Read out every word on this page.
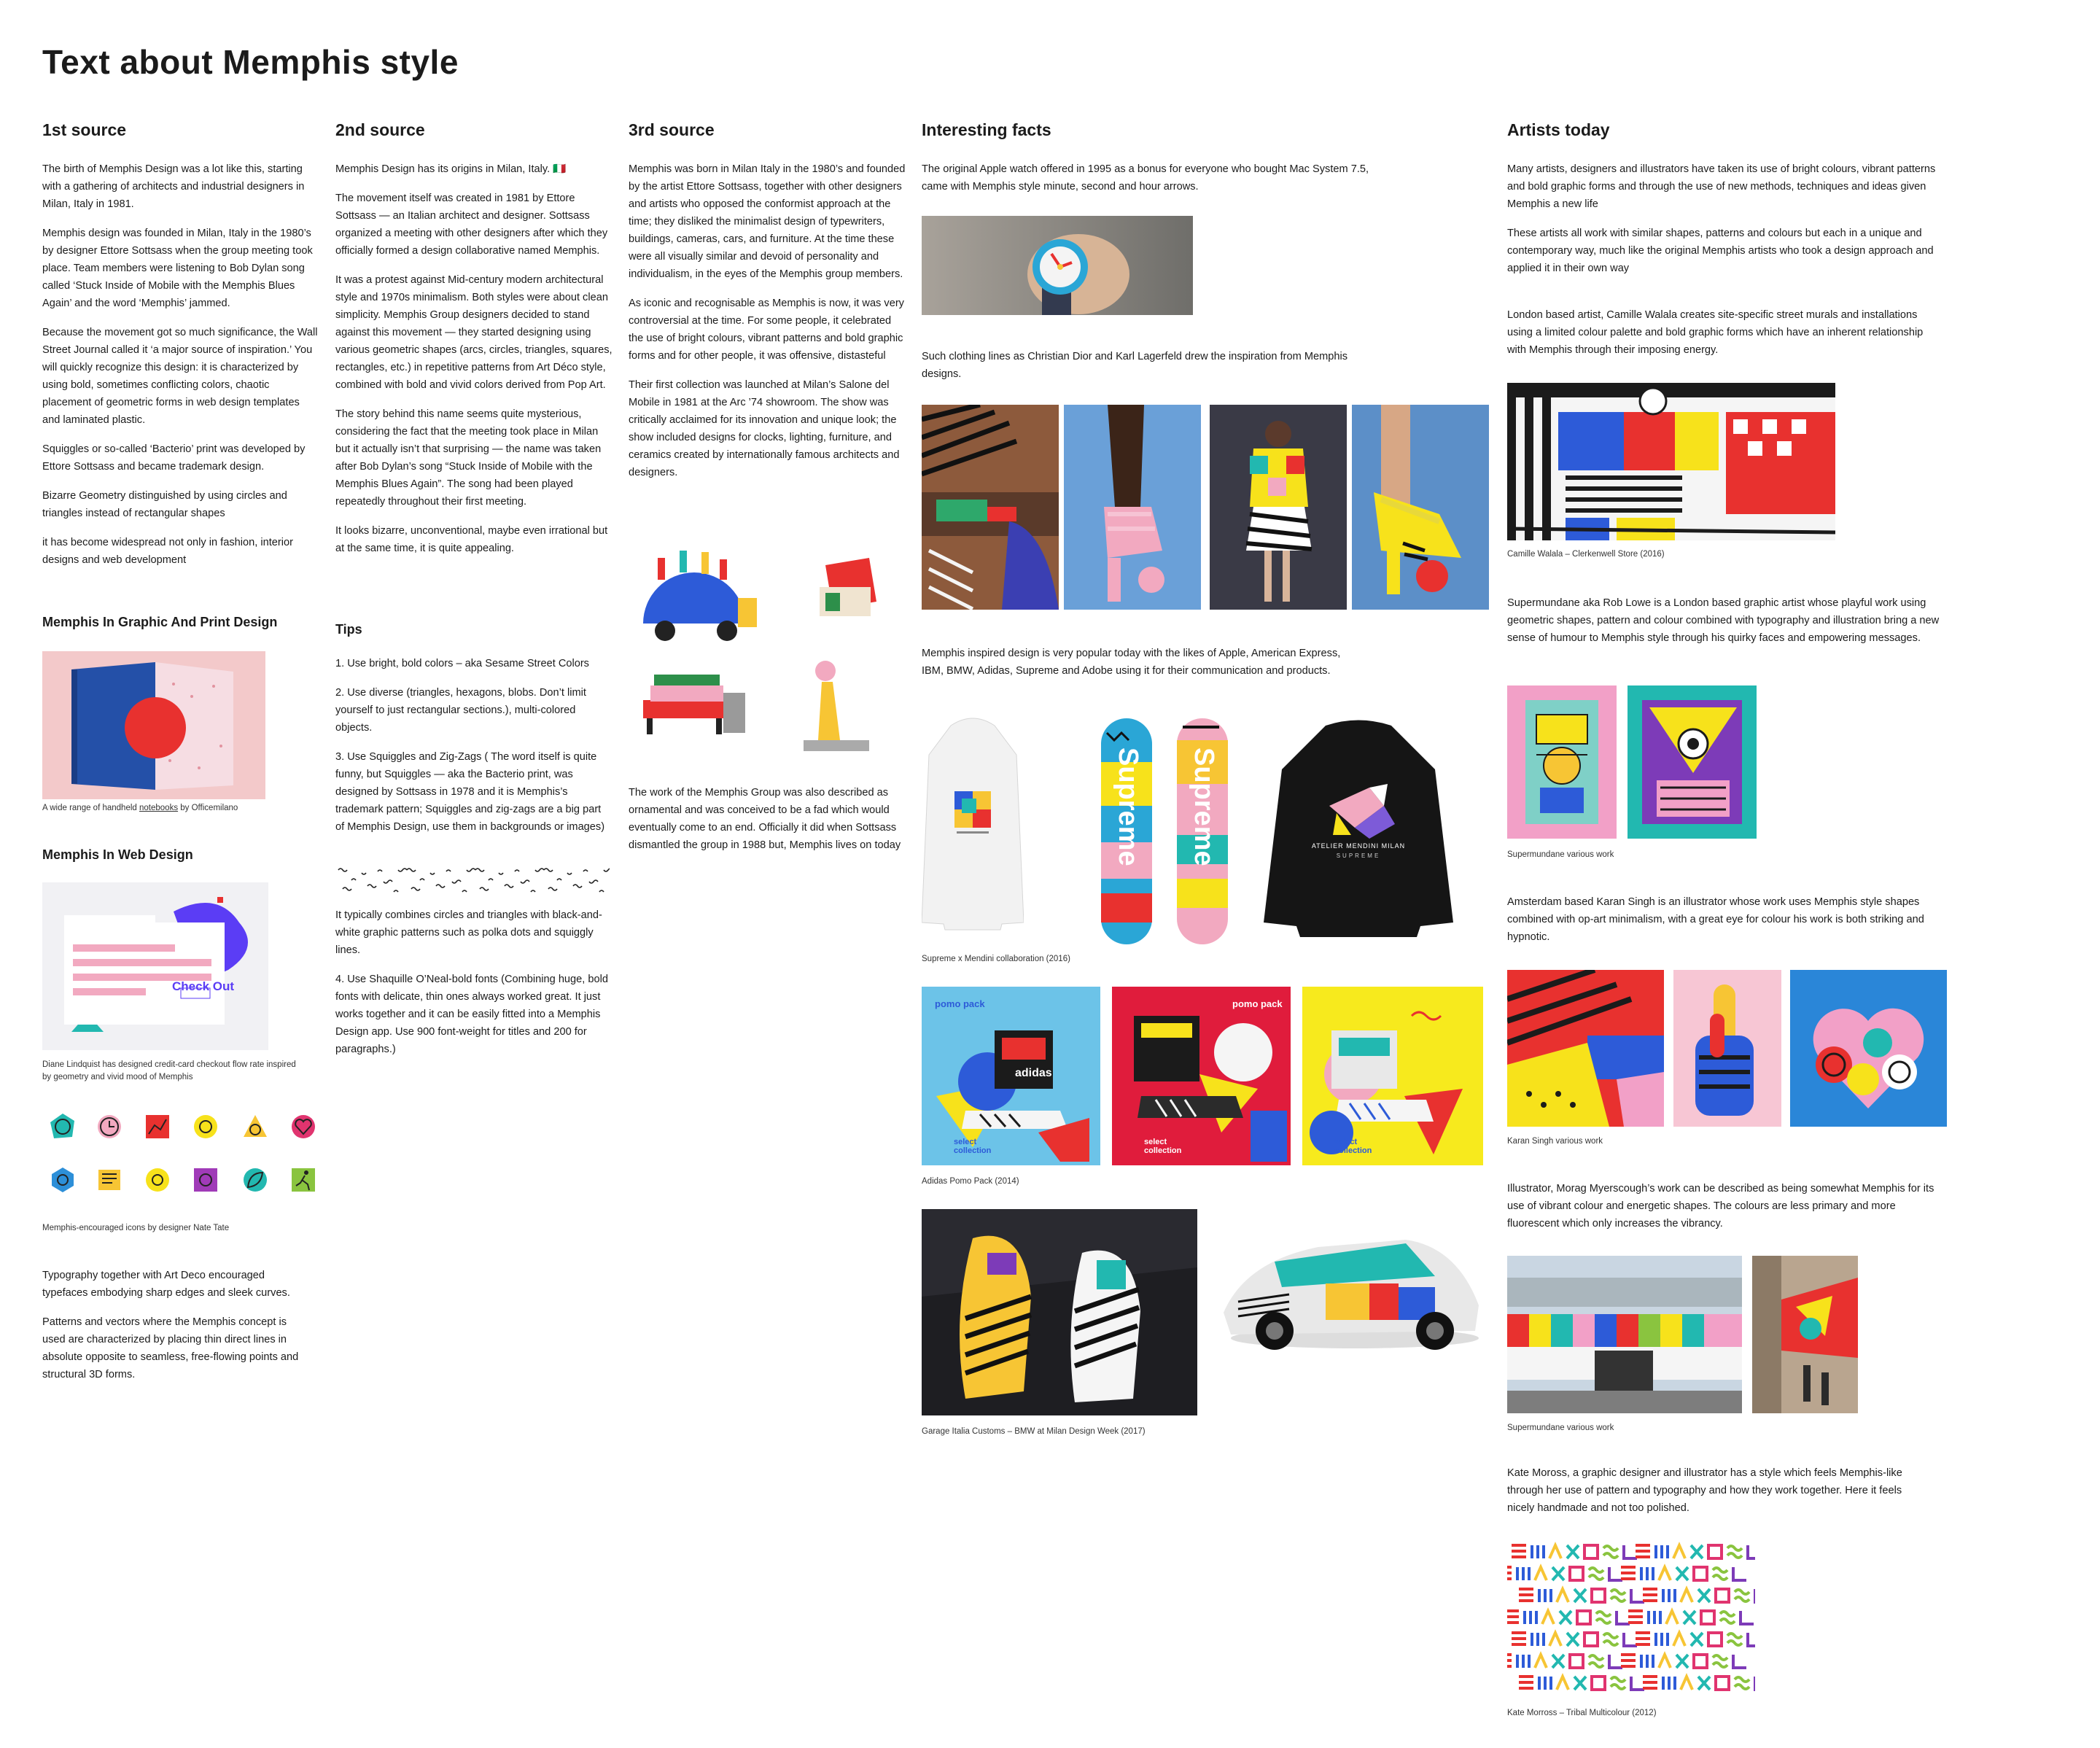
Text about Memphis style
1st source

The birth of Memphis Design was a lot like this, starting with a gathering of architects and industrial designers in Milan, Italy in 1981.

Memphis design was founded in Milan, Italy in the 1980’s by designer Ettore Sottsass when the group meeting took place. Team members were listening to Bob Dylan song called ‘Stuck Inside of Mobile with the Memphis Blues Again’ and the word ‘Memphis’ jammed.

Because the movement got so much significance, the Wall Street Journal called it ‘a major source of inspiration.’ You will quickly recognize this design: it is characterized by using bold, sometimes conflicting colors, chaotic placement of geometric forms in web design templates and laminated plastic.

Squiggles or so-called ‘Bacterio’ print was developed by Ettore Sottsass and became trademark design.

Bizarre Geometry distinguished by using circles and triangles instead of rectangular shapes

it has become widespread not only in fashion, interior designs and web development

Memphis In Graphic And Print Design
A wide range of handheld notebooks by Officemilano
Memphis In Web Design
Check Out
Diane Lindquist has designed credit-card checkout flow rate inspired by geometry and vivid mood of Memphis
Memphis-encouraged icons by designer Nate Tate

Typography together with Art Deco encouraged typefaces embodying sharp edges and sleek curves.

Patterns and vectors where the Memphis concept is used are characterized by placing thin direct lines in absolute opposite to seamless, free-flowing points and structural 3D forms.

2nd source

Memphis Design has its origins in Milan, Italy. 🇮🇹

The movement itself was created in 1981 by Ettore Sottsass — an Italian architect and designer. Sottsass organized a meeting with other designers after which they officially formed a design collaborative named Memphis.

It was a protest against Mid-century modern architectural style and 1970s minimalism. Both styles were about clean simplicity. Memphis Group designers decided to stand against this movement — they started designing using various geometric shapes (arcs, circles, triangles, squares, rectangles, etc.) in repetitive patterns from Art Déco style, combined with bold and vivid colors derived from Pop Art.

The story behind this name seems quite mysterious, considering the fact that the meeting took place in Milan but it actually isn’t that surprising — the name was taken after Bob Dylan’s song “Stuck Inside of Mobile with the Memphis Blues Again”. The song had been played repeatedly throughout their first meeting.

It looks bizarre, unconventional, maybe even irrational but at the same time, it is quite appealing.

Tips

1. Use bright, bold colors – aka Sesame Street Colors

2. Use diverse (triangles, hexagons, blobs. Don’t limit yourself to just rectangular sections.), multi-colored objects.

3. Use Squiggles and Zig-Zags ( The word itself is quite funny, but Squiggles — aka the Bacterio print, was designed by Sottsass in 1978 and it is Memphis’s trademark pattern; Squiggles and zig-zags are a big part of Memphis Design, use them in backgrounds or images)

It typically combines circles and triangles with black-and-white graphic patterns such as polka dots and squiggly lines.

4. Use Shaquille O’Neal-bold fonts (Combining huge, bold fonts with delicate, thin ones always worked great. It just works together and it can be easily fitted into a Memphis Design app. Use 900 font-weight for titles and 200 for paragraphs.)

3rd source

Memphis was born in Milan Italy in the 1980’s and founded by the artist Ettore Sottsass, together with other designers and artists who opposed the conformist approach at the time; they disliked the minimalist design of typewriters, buildings, cameras, cars, and furniture. At the time these were all visually similar and devoid of personality and individualism, in the eyes of the Memphis group members.

As iconic and recognisable as Memphis is now, it was very controversial at the time. For some people, it celebrated the use of bright colours, vibrant patterns and bold graphic forms and for other people, it was offensive, distasteful

Their first collection was launched at Milan’s Salone del Mobile in 1981 at the Arc ’74 showroom. The show was critically acclaimed for its innovation and unique look; the show included designs for clocks, lighting, furniture, and ceramics created by internationally famous architects and designers.

The work of the Memphis Group was also described as ornamental and was conceived to be a fad which would eventually come to an end. Officially it did when Sottsass dismantled the group in 1988 but, Memphis lives on today

Interesting facts
The original Apple watch offered in 1995 as a bonus for everyone who bought Mac System 7.5, came with Memphis style minute, second and hour arrows.
Such clothing lines as Christian Dior and Karl Lagerfeld drew the inspiration from Memphis designs.
Memphis inspired design is very popular today with the likes of Apple, American Express, IBM, BMW, Adidas, Supreme and Adobe using it for their communication and products.
Supreme Supreme	ATELIER MENDINI MILAN
SUPREME
Supreme x Mendini collaboration (2016)
pomo pack
adidas
select collection
pomo pack
select collection
select collection
Adidas Pomo Pack (2014)
Garage Italia Customs – BMW at Milan Design Week (2017)
Artists today

Many artists, designers and illustrators have taken its use of bright colours, vibrant patterns and bold graphic forms and through the use of new methods, techniques and ideas given Memphis a new life

These artists all work with similar shapes, patterns and colours but each in a unique and contemporary way, much like the original Memphis artists who took a design approach and applied it in their own way

London based artist, Camille Walala creates site-specific street murals and installations using a limited colour palette and bold graphic forms which have an inherent relationship with Memphis through their imposing energy.
Camille Walala – Clerkenwell Store (2016)
Supermundane aka Rob Lowe is a London based graphic artist whose playful work using geometric shapes, pattern and colour combined with typography and illustration bring a new sense of humour to Memphis style through his quirky faces and empowering messages.
Supermundane various work
Amsterdam based Karan Singh is an illustrator whose work uses Memphis style shapes combined with op-art minimalism, with a great eye for colour his work is both striking and hypnotic.
Karan Singh various work
Illustrator, Morag Myerscough’s work can be described as being somewhat Memphis for its use of vibrant colour and energetic shapes. The colours are less primary and more fluorescent which only increases the vibrancy.
Supermundane various work
Kate Moross, a graphic designer and illustrator has a style which feels Memphis-like through her use of pattern and typography and how they work together. Here it feels nicely handmade and not too polished.
Kate Morross – Tribal Multicolour (2012)
